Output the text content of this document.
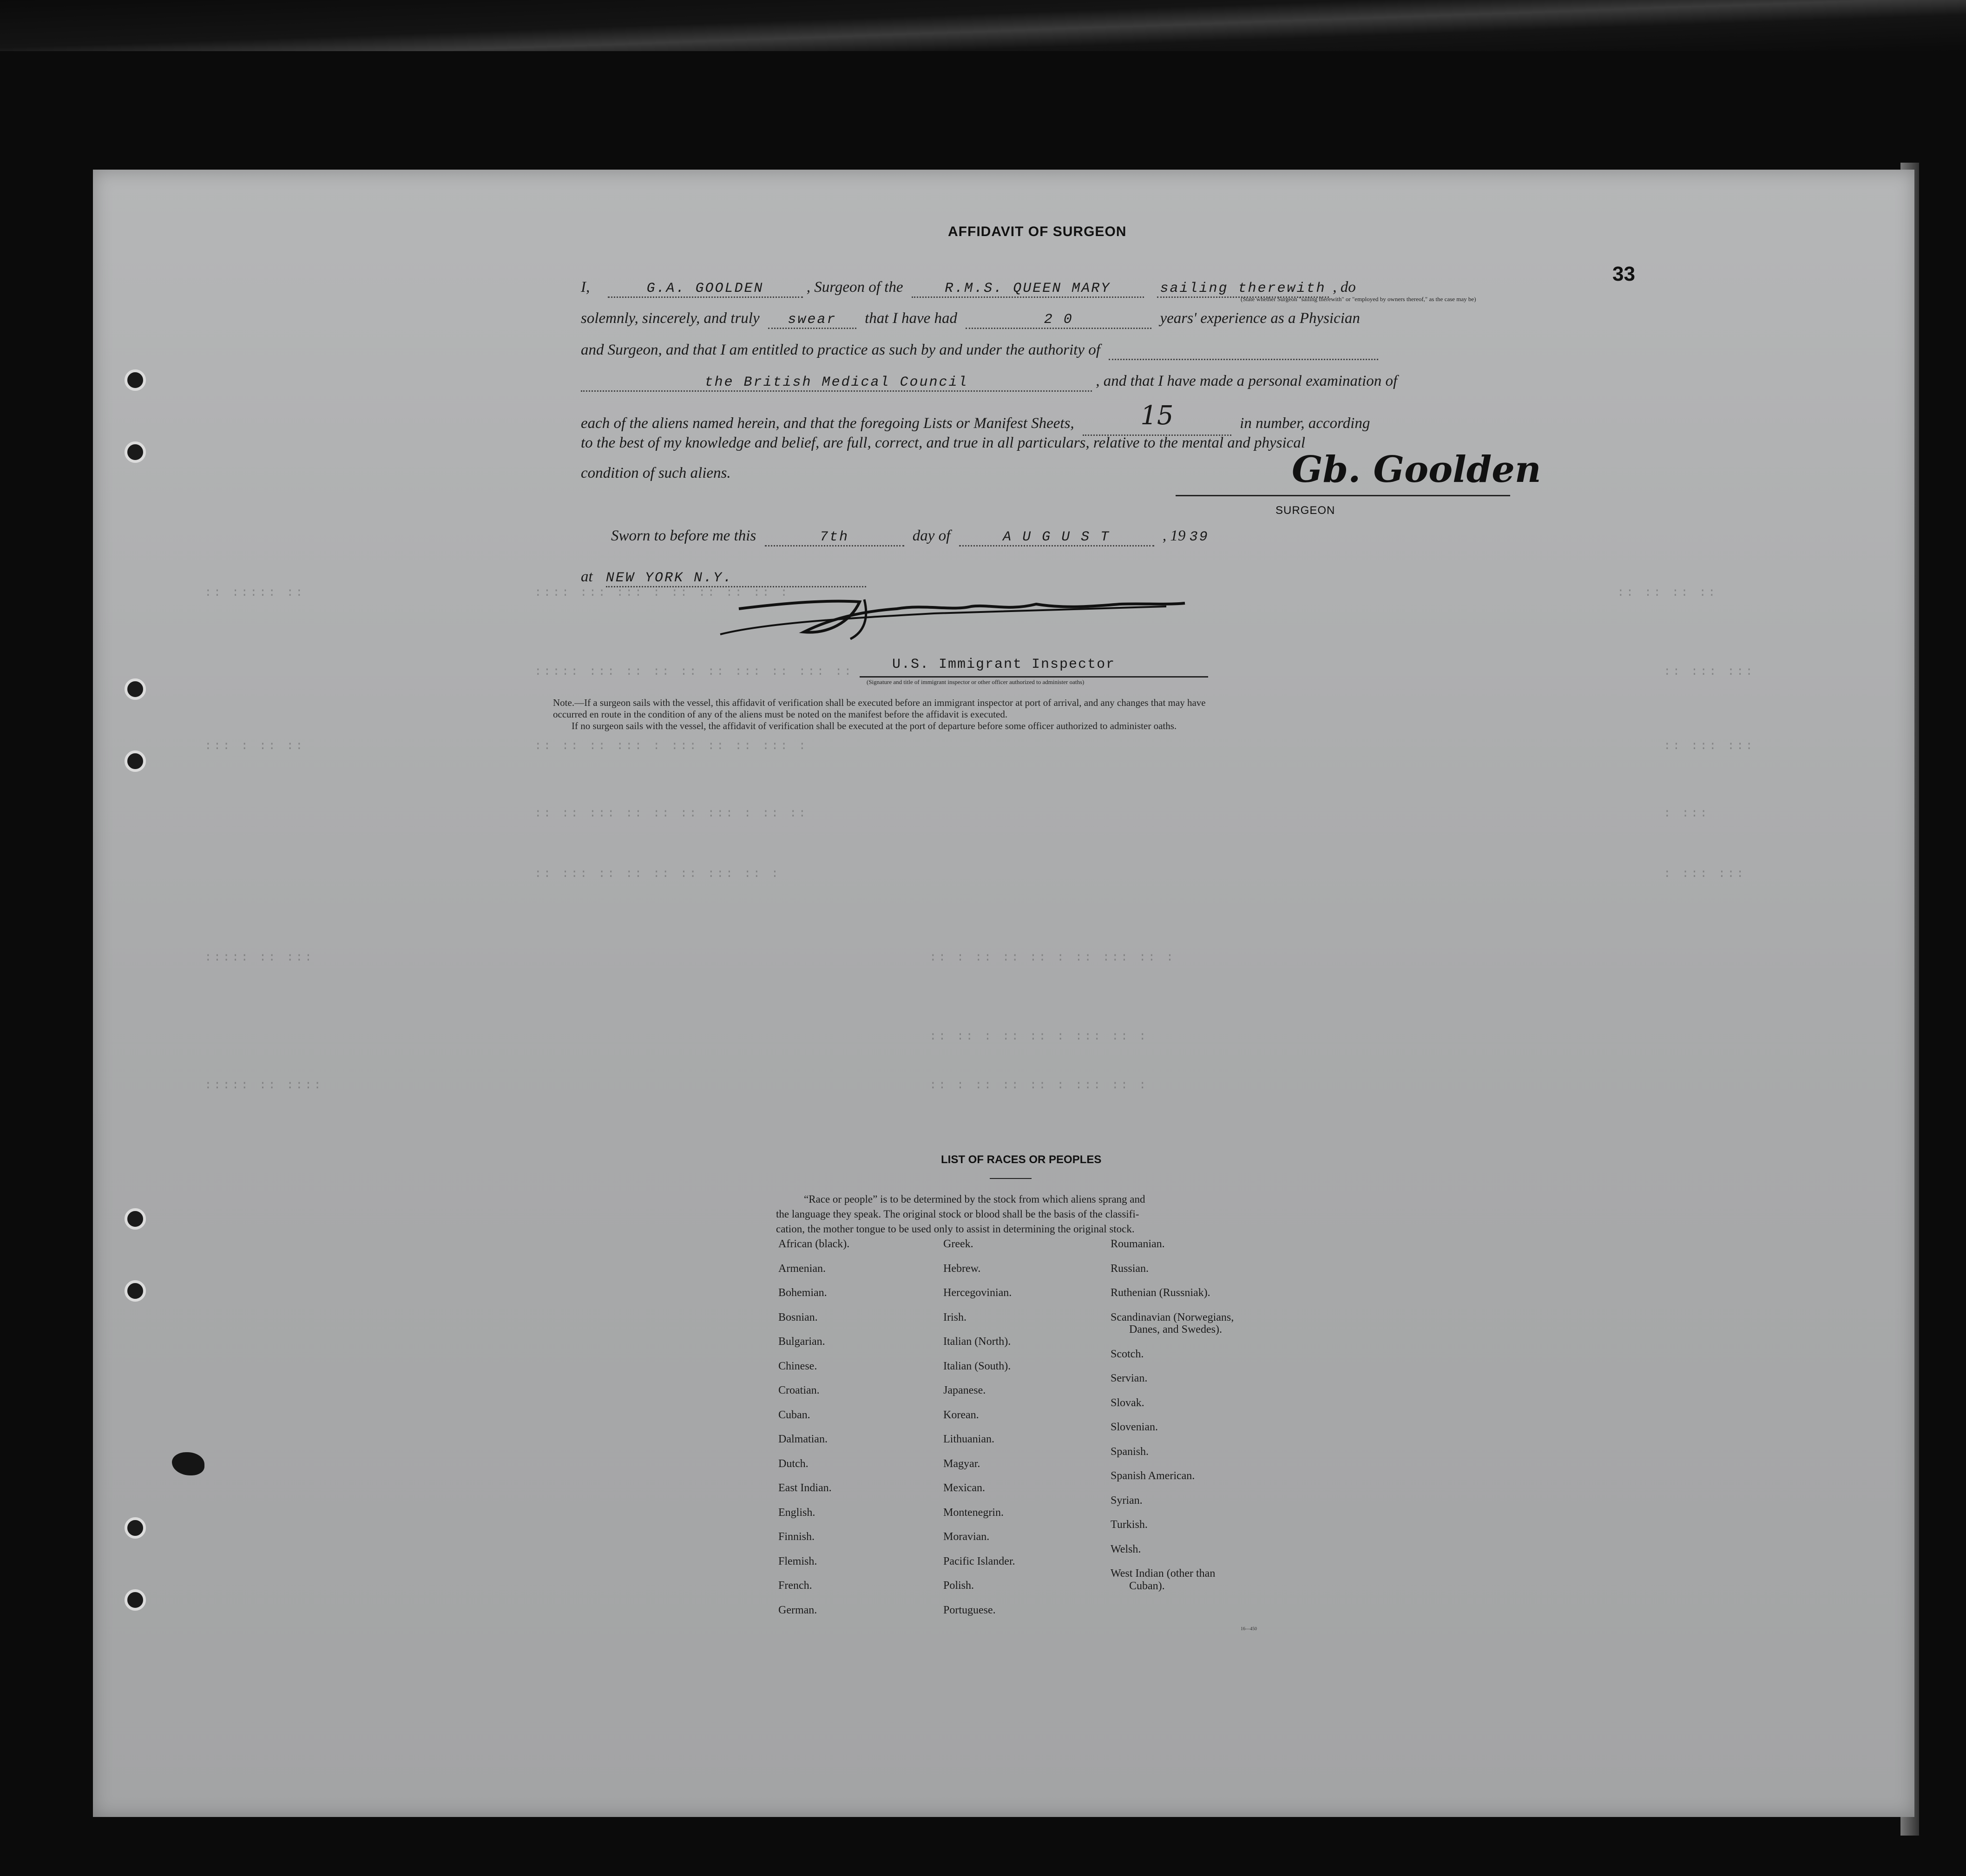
:: ::::: ::	:::: ::: ::: : :: :: :: :: :	:: :: :: ::
::::: ::: :: :: :: :: ::: :: ::: ::	:: ::: :::
::: : :: ::	:: :: :: ::: : ::: :: :: ::: :	:: ::: :::
:: :: ::: :: :: :: ::: : :: ::	: :::
:: ::: :: :: :: :: ::: :: :	: ::: :::
::::: :: :::	:: : :: :: :: : :: ::: :: :
:: :: : :: :: : ::: :: :
::::: :: ::::	:: : :: :: :: : ::: :: :
AFFIDAVIT OF SURGEON
33
I,	G.A. GOOLDEN	, Surgeon of the	R.M.S. QUEEN MARY	sailing therewith , do
(State whether Surgeon "sailing therewith" or "employed by owners thereof," as the case may be)
solemnly, sincerely, and truly swear that I have had	2 0	years' experience as a Physician
and Surgeon, and that I am entitled to practice as such by and under the authority of
the British Medical Council	, and that I have made a personal examination of
each of the aliens named herein, and that the foregoing Lists or Manifest Sheets,	15	in number, according
to the best of my knowledge and belief, are full, correct, and true in all particulars, relative to the mental and physical
condition of such aliens.	Gb. Goolden
SURGEON
Sworn to before me this	7th	day of	A U G U S T	, 19 39
at NEW YORK N.Y.
U.S. Immigrant Inspector
(Signature and title of immigrant inspector or other officer authorized to administer oaths)
Note.—If a surgeon sails with the vessel, this affidavit of verification shall be executed before an immigrant inspector at port of arrival, and any changes that may have
occurred en route in the condition of any of the aliens must be noted on the manifest before the affidavit is executed.
If no surgeon sails with the vessel, the affidavit of verification shall be executed at the port of departure before some officer authorized to administer oaths.
LIST OF RACES OR PEOPLES
“Race or people” is to be determined by the stock from which aliens sprang and
the language they speak. The original stock or blood shall be the basis of the classifi-
cation, the mother tongue to be used only to assist in determining the original stock.
African (black).
Armenian.
Bohemian.
Bosnian.
Bulgarian.
Chinese.
Croatian.
Cuban.
Dalmatian.
Dutch.
East Indian.
English.
Finnish.
Flemish.
French.
German.
Greek.
Hebrew.
Hercegovinian.
Irish.
Italian (North).
Italian (South).
Japanese.
Korean.
Lithuanian.
Magyar.
Mexican.
Montenegrin.
Moravian.
Pacific Islander.
Polish.
Portuguese.
Roumanian.
Russian.
Ruthenian (Russniak).
Scandinavian (Norwegians,
Danes, and Swedes).
Scotch.
Servian.
Slovak.
Slovenian.
Spanish.
Spanish American.
Syrian.
Turkish.
Welsh.
West Indian (other than
Cuban).
16—450
